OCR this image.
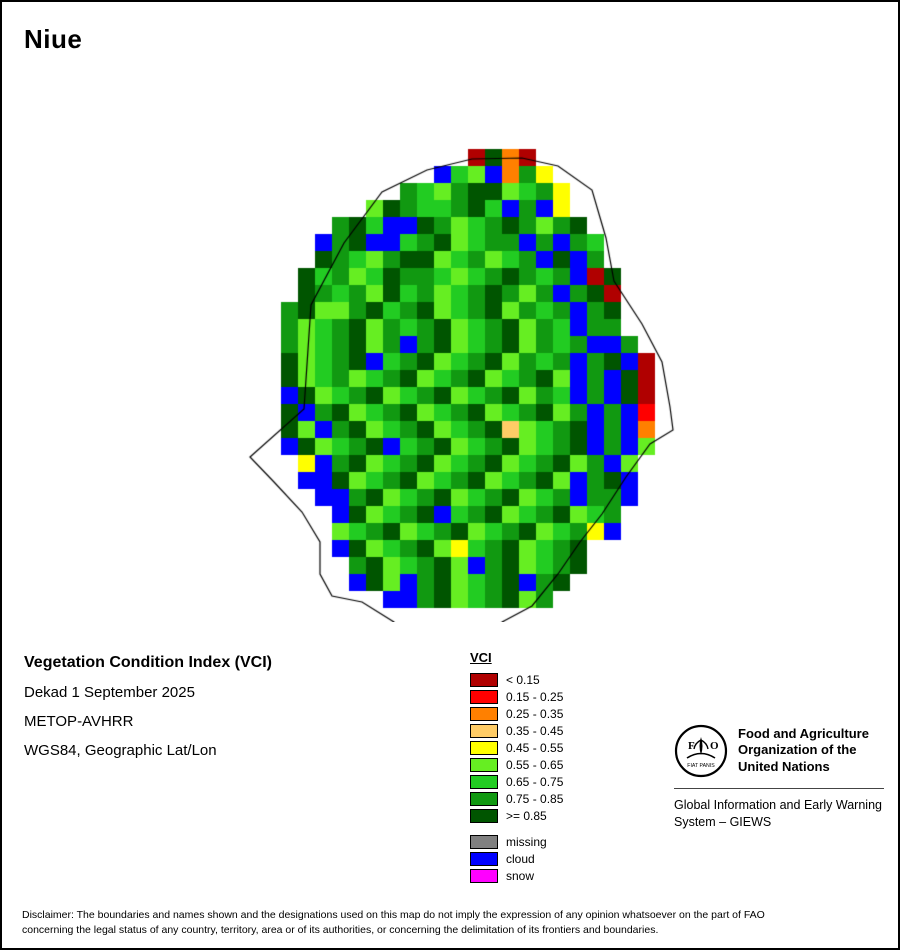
Niue
Vegetation Condition Index (VCI)
Dekad 1 September 2025
METOP-AVHRR
WGS84, Geographic Lat/Lon
VCI
< 0.15
0.15 - 0.25
0.25 - 0.35
0.35 - 0.45
0.45 - 0.55
0.55 - 0.65
0.65 - 0.75
0.75 - 0.85
>= 0.85
missing
cloud
snow
F O
FIAT PANIS
Food and Agriculture Organization of the United Nations
Global Information and Early Warning System – GIEWS
Disclaimer: The boundaries and names shown and the designations used on this map do not imply the expression of any opinion whatsoever on the part of FAO
concerning the legal status of any country, territory, area or of its authorities, or concerning the delimitation of its frontiers and boundaries.
